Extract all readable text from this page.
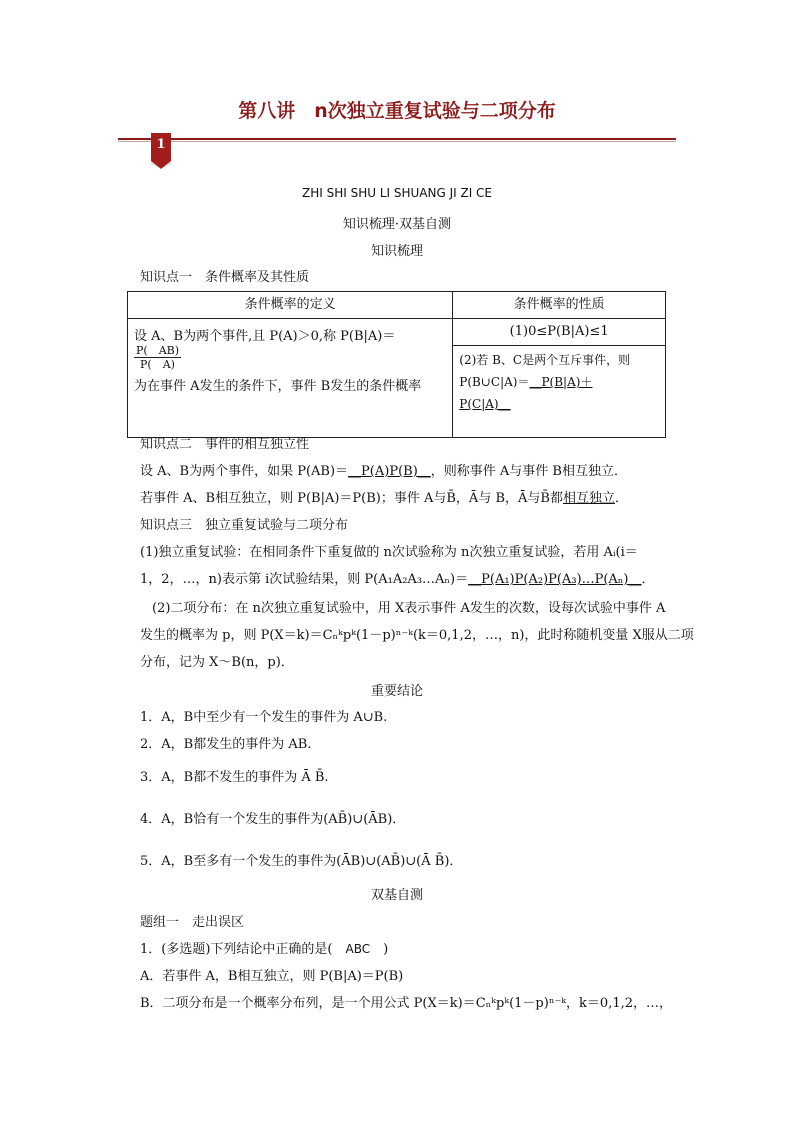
第八讲　n次独立重复试验与二项分布
1
ZHI SHI SHU LI SHUANG JI ZI CE
知识梳理·双基自测
知识梳理
知识点一　条件概率及其性质
条件概率的定义	条件概率的性质

设 A、B为两个事件,且 P(A)＞0,称 P(B|A)＝
$\frac{P( AB)}{P( A)}$
为在事件 A发生的条件下，事件 B发生的条件概率	(1)0≤P(B|A)≤1

	(2)若 B、C是两个互斥事件，则
P(B∪C|A)＝__P(B|A)＋
P(C|A)__
知识点二　事件的相互独立性
设 A、B为两个事件，如果 P(AB)＝__P(A)P(B)__，则称事件 A与事件 B相互独立．
若事件 A、B相互独立，则 P(B|A)＝P(B)；事件 A与B̄，Ā与 B，Ā与B̄都相互独立．
知识点三　独立重复试验与二项分布
(1)独立重复试验：在相同条件下重复做的 n次试验称为 n次独立重复试验，若用 Aᵢ(i＝
1，2，…，n)表示第 i次试验结果，则 P(A₁A₂A₃…Aₙ)＝__P(A₁)P(A₂)P(A₃)…P(Aₙ)__．
(2)二项分布：在 n次独立重复试验中，用 X表示事件 A发生的次数，设每次试验中事件 A
发生的概率为 p，则 P(X＝k)＝Cₙᵏpᵏ(1－p)ⁿ⁻ᵏ(k＝0,1,2，…，n)，此时称随机变量 X服从二项
分布，记为 X～B(n，p)．
重要结论
1．A，B中至少有一个发生的事件为 A∪B.
2．A，B都发生的事件为 AB.
3．A，B都不发生的事件为 Ā B̄.
4．A，B恰有一个发生的事件为(AB̄)∪(ĀB)．
5．A，B至多有一个发生的事件为(ĀB)∪(AB̄)∪(Ā B̄)．
双基自测
题组一　走出误区
1．(多选题)下列结论中正确的是(　ABC　)
A．若事件 A，B相互独立，则 P(B|A)＝P(B)
B．二项分布是一个概率分布列，是一个用公式 P(X＝k)＝Cₙᵏpᵏ(1－p)ⁿ⁻ᵏ，k＝0,1,2，…，
